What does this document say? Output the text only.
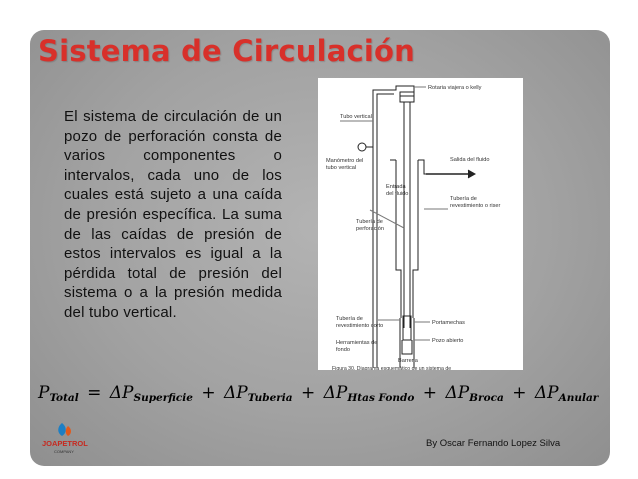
Sistema de Circulación
El sistema de circulación de un pozo de perforación consta de varios componentes o intervalos, cada uno de los cuales está sujeto a una caída de presión específica. La suma de las caídas de presión de estos intervalos es igual a la pérdida total de presión del sistema o a la presión medida del tubo vertical.
Tubo vertical
Rotaria viajera o kelly
Manómetro del
tubo vertical
Salida del fluido
Entrada
del fluido
Tubería de
revestimiento o riser
Tubería de
perforación
Tubería de
revestimiento corto
Herramientas de
fondo
Portamechas
Pozo abierto
Barrena
Figura 30. Diagrama esquemático de un sistema de
$P_{Total} = \Delta P_{Superficie} + \Delta P_{Tuberia} + \Delta P_{Htas Fondo} + \Delta P_{Broca} + \Delta P_{Anular}$
JOAPETROL
COMPANY
By Oscar Fernando Lopez Silva
